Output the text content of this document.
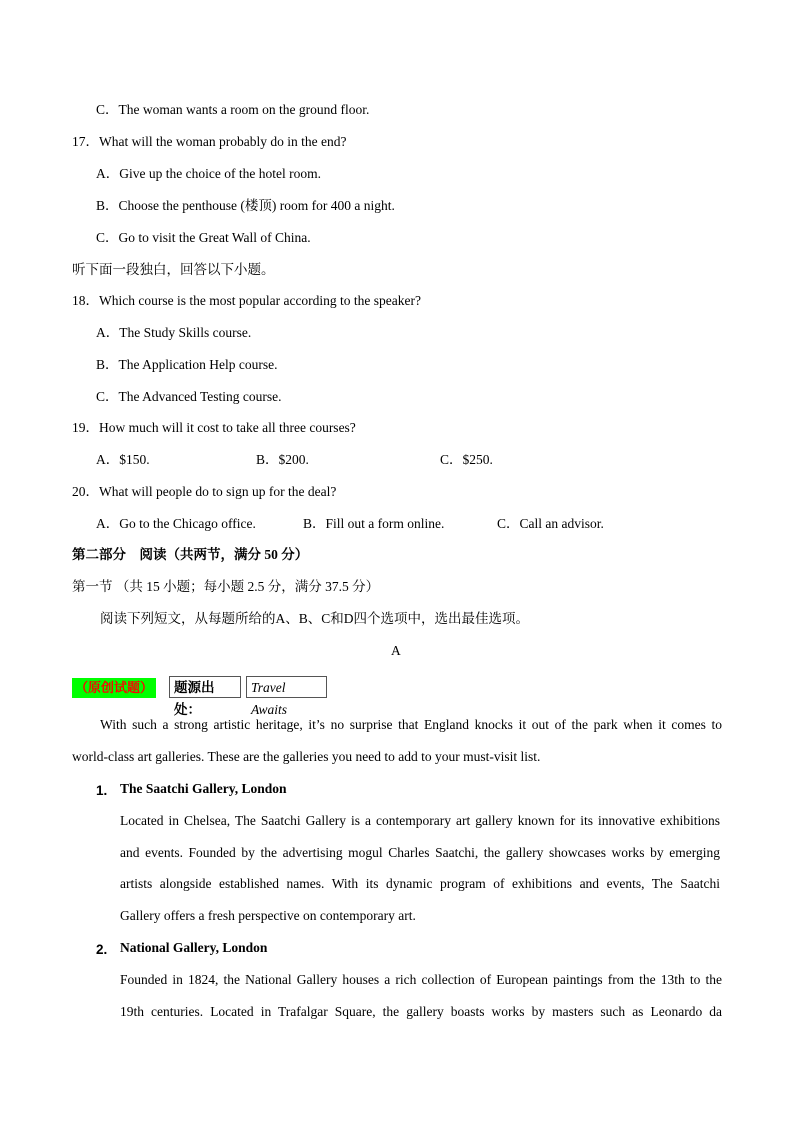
C．The woman wants a room on the ground floor.
17．What will the woman probably do in the end?
A．Give up the choice of the hotel room.
B．Choose the penthouse (楼顶) room for 400 a night.
C．Go to visit the Great Wall of China.
听下面一段独白，回答以下小题。
18．Which course is the most popular according to the speaker?
A．The Study Skills course.
B．The Application Help course.
C．The Advanced Testing course.
19．How much will it cost to take all three courses?
A．$150.	B．$200.	C．$250.
20．What will people do to sign up for the deal?
A．Go to the Chicago office.	B．Fill out a form online.	C．Call an advisor.
第二部分　阅读（共两节，满分 50 分）
第一节 （共 15 小题；每小题 2.5 分，满分 37.5 分）
阅读下列短文，从每题所给的A、B、C和D四个选项中，选出最佳选项。
A
（原创试题）	题源出处：
Travel Awaits
With such a strong artistic heritage, it’s no surprise that England knocks it out of the park when it comes to
world-class art galleries. These are the galleries you need to add to your must-visit list.
1. The Saatchi Gallery, London
Located in Chelsea, The Saatchi Gallery is a contemporary art gallery known for its innovative exhibitions
and events. Founded by the advertising mogul Charles Saatchi, the gallery showcases works by emerging
artists alongside established names. With its dynamic program of exhibitions and events, The Saatchi
Gallery offers a fresh perspective on contemporary art.
2. National Gallery, London
Founded in 1824, the National Gallery houses a rich collection of European paintings from the 13th to the
19th centuries. Located in Trafalgar Square, the gallery boasts works by masters such as Leonardo da
